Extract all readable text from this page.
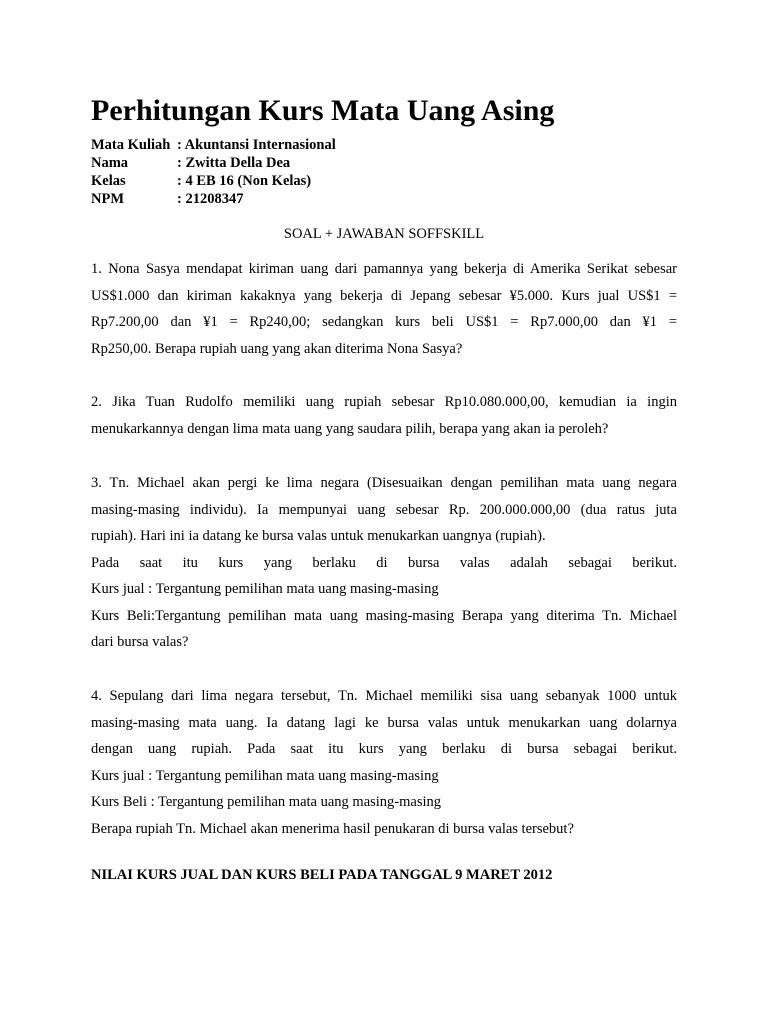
Perhitungan Kurs Mata Uang Asing
Mata Kuliah : Akuntansi Internasional
Nama	: Zwitta Della Dea
Kelas	: 4 EB 16 (Non Kelas)
NPM	: 21208347
SOAL + JAWABAN SOFFSKILL
1. Nona Sasya mendapat kiriman uang dari pamannya yang bekerja di Amerika Serikat sebesar
US$1.000 dan kiriman kakaknya yang bekerja di Jepang sebesar ¥5.000. Kurs jual US$1 =
Rp7.200,00 dan ¥1 = Rp240,00; sedangkan kurs beli US$1 = Rp7.000,00 dan ¥1 =
Rp250,00. Berapa rupiah uang yang akan diterima Nona Sasya?
2. Jika Tuan Rudolfo memiliki uang rupiah sebesar Rp10.080.000,00, kemudian ia ingin
menukarkannya dengan lima mata uang yang saudara pilih, berapa yang akan ia peroleh?
3. Tn. Michael akan pergi ke lima negara (Disesuaikan dengan pemilihan mata uang negara
masing-masing individu). Ia mempunyai uang sebesar Rp. 200.000.000,00 (dua ratus juta
rupiah). Hari ini ia datang ke bursa valas untuk menukarkan uangnya (rupiah).
Pada saat itu kurs yang berlaku di bursa valas adalah sebagai berikut.
Kurs jual : Tergantung pemilihan mata uang masing-masing
Kurs Beli:Tergantung pemilihan mata uang masing-masing Berapa yang diterima Tn. Michael
dari bursa valas?
4. Sepulang dari lima negara tersebut, Tn. Michael memiliki sisa uang sebanyak 1000 untuk
masing-masing mata uang. Ia datang lagi ke bursa valas untuk menukarkan uang dolarnya
dengan uang rupiah. Pada saat itu kurs yang berlaku di bursa sebagai berikut.
Kurs jual : Tergantung pemilihan mata uang masing-masing
Kurs Beli : Tergantung pemilihan mata uang masing-masing
Berapa rupiah Tn. Michael akan menerima hasil penukaran di bursa valas tersebut?
NILAI KURS JUAL DAN KURS BELI PADA TANGGAL 9 MARET 2012
